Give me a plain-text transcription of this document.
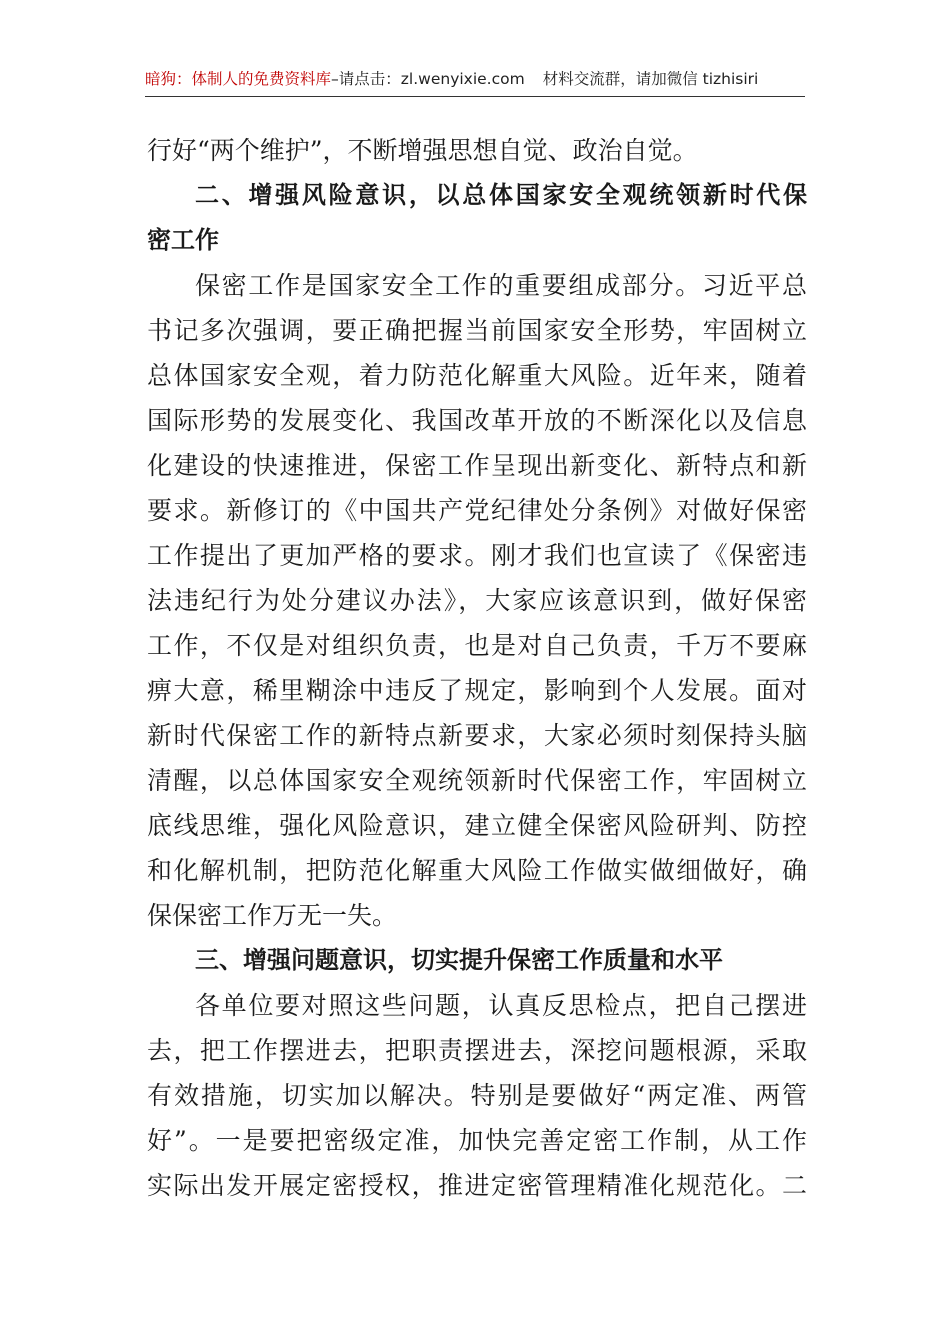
暗狗：体制人的免费资料库–请点击：zl.wenyixie.com 材料交流群，请加微信 tizhisiri
行好“两个维护”，不断增强思想自觉、政治自觉。
二、增强风险意识，以总体国家安全观统领新时代保
密工作
保密工作是国家安全工作的重要组成部分。习近平总
书记多次强调，要正确把握当前国家安全形势，牢固树立
总体国家安全观，着力防范化解重大风险。近年来，随着
国际形势的发展变化、我国改革开放的不断深化以及信息
化建设的快速推进，保密工作呈现出新变化、新特点和新
要求。新修订的《中国共产党纪律处分条例》对做好保密
工作提出了更加严格的要求。刚才我们也宣读了《保密违
法违纪行为处分建议办法》，大家应该意识到，做好保密
工作，不仅是对组织负责，也是对自己负责，千万不要麻
痹大意，稀里糊涂中违反了规定，影响到个人发展。面对
新时代保密工作的新特点新要求，大家必须时刻保持头脑
清醒，以总体国家安全观统领新时代保密工作，牢固树立
底线思维，强化风险意识，建立健全保密风险研判、防控
和化解机制，把防范化解重大风险工作做实做细做好，确
保保密工作万无一失。
三、增强问题意识，切实提升保密工作质量和水平
各单位要对照这些问题，认真反思检点，把自己摆进
去，把工作摆进去，把职责摆进去，深挖问题根源，采取
有效措施，切实加以解决。特别是要做好“两定准、两管
好”。一是要把密级定准，加快完善定密工作制，从工作
实际出发开展定密授权，推进定密管理精准化规范化。二
